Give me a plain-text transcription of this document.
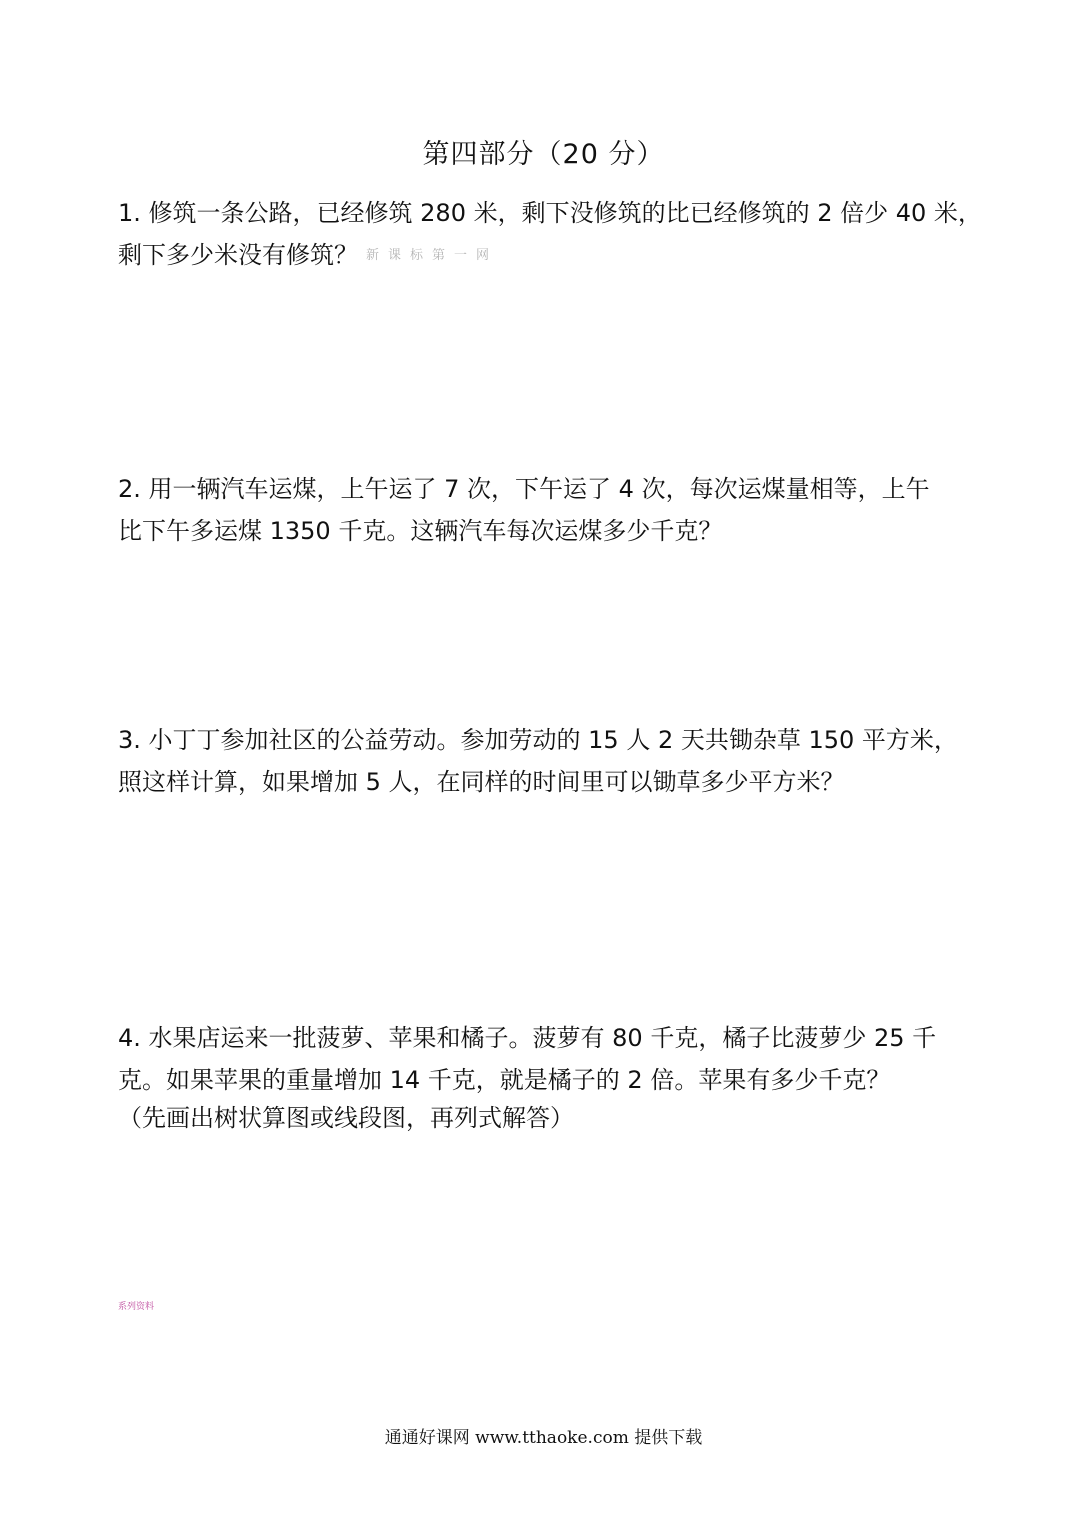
第四部分（20 分）
1. 修筑一条公路，已经修筑 280 米，剩下没修筑的比已经修筑的 2 倍少 40 米，
剩下多少米没有修筑？ 新课标第一网
2. 用一辆汽车运煤，上午运了 7 次，下午运了 4 次，每次运煤量相等，上午
比下午多运煤 1350 千克。这辆汽车每次运煤多少千克？
3. 小丁丁参加社区的公益劳动。参加劳动的 15 人 2 天共锄杂草 150 平方米，
照这样计算，如果增加 5 人，在同样的时间里可以锄草多少平方米？
4. 水果店运来一批菠萝、苹果和橘子。菠萝有 80 千克，橘子比菠萝少 25 千
克。如果苹果的重量增加 14 千克，就是橘子的 2 倍。苹果有多少千克？
（先画出树状算图或线段图，再列式解答）
系列资料
通通好课网 www.tthaoke.com 提供下载
